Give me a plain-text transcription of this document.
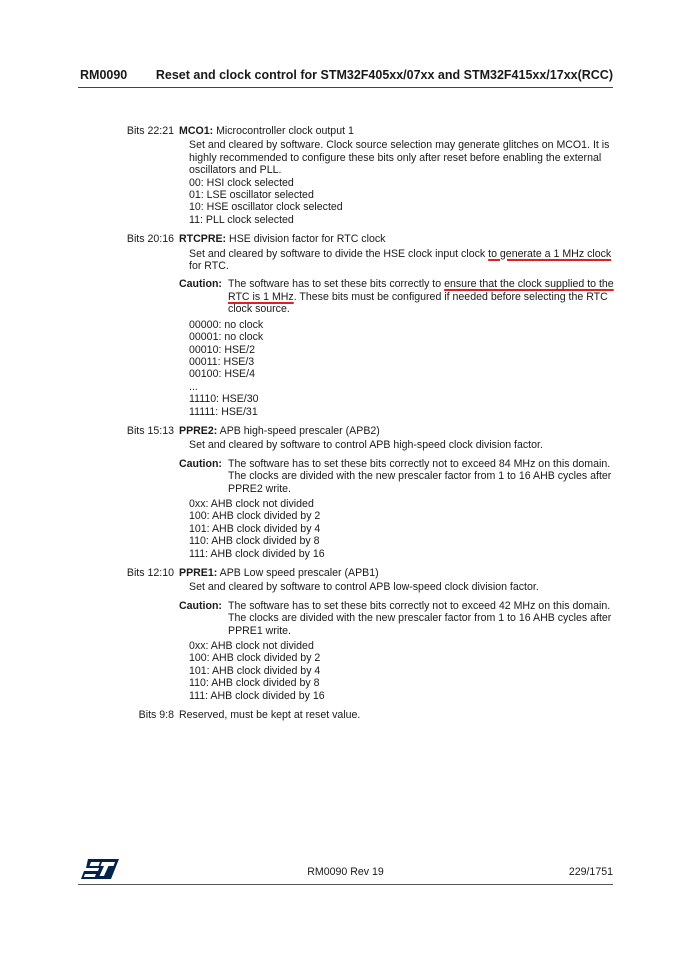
RM0090 Reset and clock control for STM32F405xx/07xx and STM32F415xx/17xx(RCC)
Bits 22:21 MCO1: Microcontroller clock output 1
Set and cleared by software. Clock source selection may generate glitches on MCO1. It is highly recommended to configure these bits only after reset before enabling the external oscillators and PLL.
00: HSI clock selected
01: LSE oscillator selected
10: HSE oscillator clock selected
11: PLL clock selected
Bits 20:16 RTCPRE: HSE division factor for RTC clock
Set and cleared by software to divide the HSE clock input clock to generate a 1 MHz clock for RTC.
Caution: The software has to set these bits correctly to ensure that the clock supplied to the RTC is 1 MHz. These bits must be configured if needed before selecting the RTC clock source.
00000: no clock
00001: no clock
00010: HSE/2
00011: HSE/3
00100: HSE/4
...
11110: HSE/30
11111: HSE/31
Bits 15:13 PPRE2: APB high-speed prescaler (APB2)
Set and cleared by software to control APB high-speed clock division factor.
Caution: The software has to set these bits correctly not to exceed 84 MHz on this domain. The clocks are divided with the new prescaler factor from 1 to 16 AHB cycles after PPRE2 write.
0xx: AHB clock not divided
100: AHB clock divided by 2
101: AHB clock divided by 4
110: AHB clock divided by 8
111: AHB clock divided by 16
Bits 12:10 PPRE1: APB Low speed prescaler (APB1)
Set and cleared by software to control APB low-speed clock division factor.
Caution: The software has to set these bits correctly not to exceed 42 MHz on this domain. The clocks are divided with the new prescaler factor from 1 to 16 AHB cycles after PPRE1 write.
0xx: AHB clock not divided
100: AHB clock divided by 2
101: AHB clock divided by 4
110: AHB clock divided by 8
111: AHB clock divided by 16
Bits 9:8 Reserved, must be kept at reset value.
RM0090 Rev 19	229/1751
